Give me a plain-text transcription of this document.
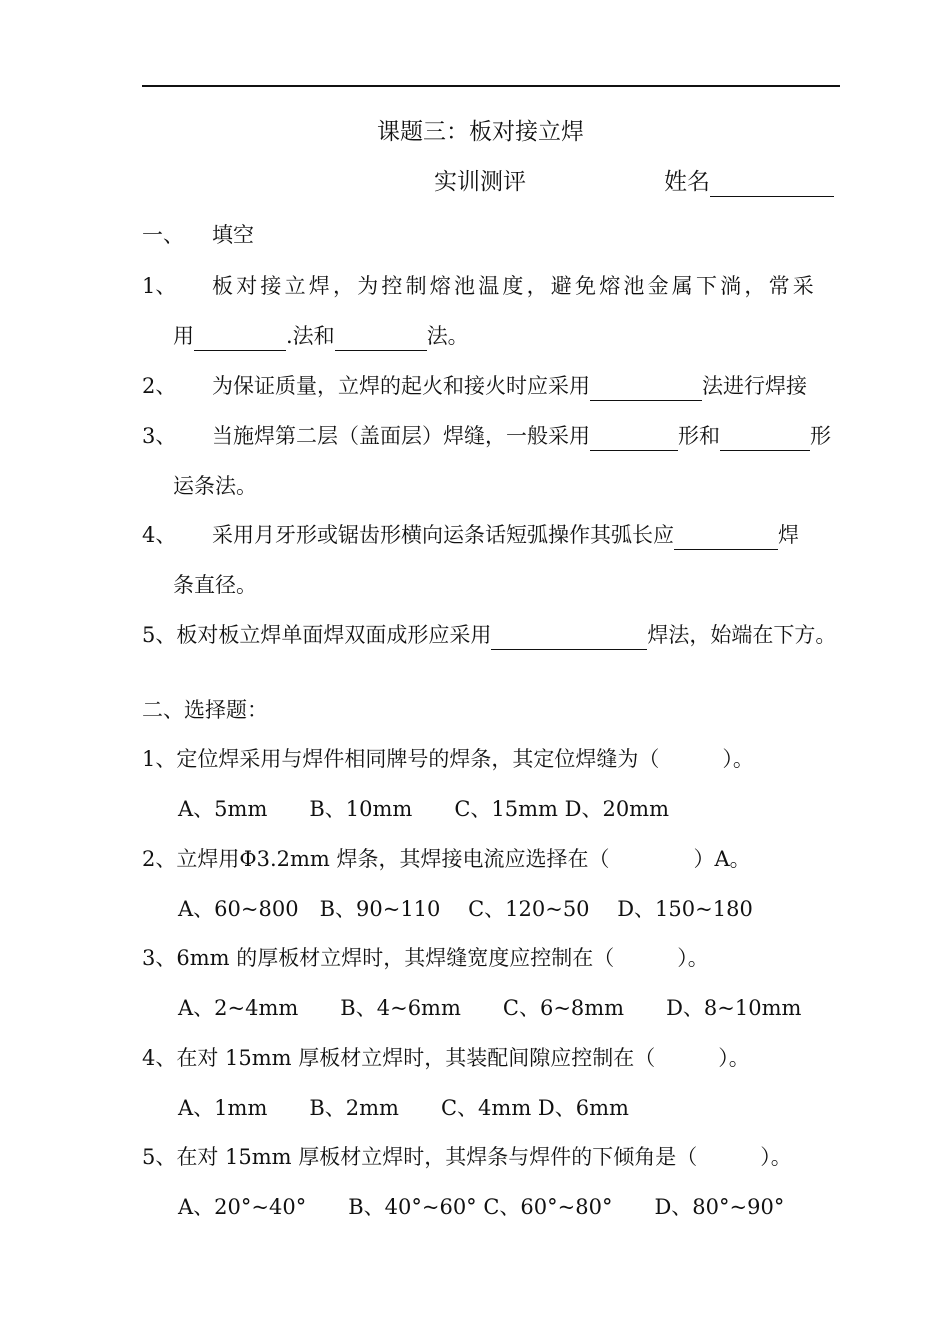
课题三：板对接立焊
实训测评	姓名
一、 填空
1、 板对接立焊，为控制熔池温度，避免熔池金属下淌，常采
用	.法和	法。
2、 为保证质量，立焊的起火和接火时应采用	法进行焊接
3、 当施焊第二层（盖面层）焊缝，一般采用	形和	形
运条法。
4、 采用月牙形或锯齿形横向运条话短弧操作其弧长应	焊
条直径。
5、板对板立焊单面焊双面成形应采用	焊法，始端在下方。
二、选择题：
1、定位焊采用与焊件相同牌号的焊条，其定位焊缝为（　　　）。
A、5mm　　B、10mm　　C、15mm D、20mm
2、立焊用Φ3.2mm 焊条，其焊接电流应选择在（　　　　）A。
A、60~800　B、90~110　 C、120~50　 D、150~180
3、6mm 的厚板材立焊时，其焊缝宽度应控制在（　　　）。
A、2~4mm　　B、4~6mm　　C、6~8mm　　D、8~10mm
4、在对 15mm 厚板材立焊时，其装配间隙应控制在（　　　）。
A、1mm　　B、2mm　　C、4mm D、6mm
5、在对 15mm 厚板材立焊时，其焊条与焊件的下倾角是（　　　）。
A、20°~40°　　B、40°~60° C、60°~80°　　D、80°~90°
